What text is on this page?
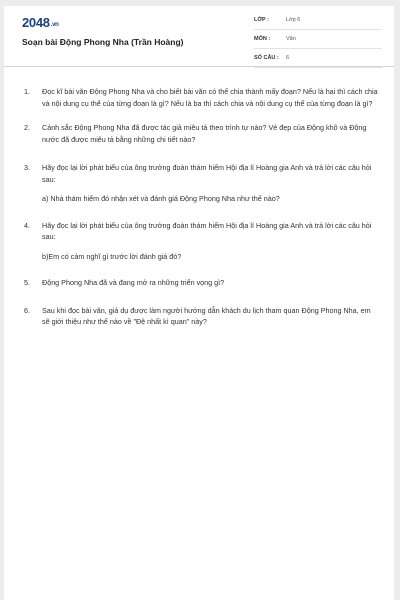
2048.vn
Soạn bài Động Phong Nha (Trần Hoàng)
LỚP :	Lớp 6
MÔN :	Văn
SỐ CÂU : 6
1. Đọc kĩ bài văn Động Phong Nha và cho biết bài văn có thể chia thành mấy đoạn? Nếu là hai thì cách chia và nội dung cụ thể của từng đoạn là gì? Nếu là ba thì cách chia và nội dung cụ thể của từng đoạn là gì?
2. Cảnh sắc Động Phong Nha đã được tác giả miêu tả theo trình tự nào? Vẻ đẹp của Động khô và Động nước đã được miêu tả bằng những chi tiết nào?
3. Hãy đọc lại lời phát biểu của ông trưởng đoàn thám hiểm Hội địa lí Hoàng gia Anh và trả lời các câu hỏi sau:
a) Nhà thám hiểm đó nhận xét và đánh giá Động Phong Nha như thế nào?
4. Hãy đọc lại lời phát biểu của ông trưởng đoàn thám hiểm Hội địa lí Hoàng gia Anh và trả lời các câu hỏi sau:
b)Em có cảm nghĩ gì trước lời đánh giá đó?
5. Động Phong Nha đã và đang mở ra những triển vọng gì?
6. Sau khi đọc bài văn, giả dụ được làm người hướng dẫn khách du lịch tham quan Động Phong Nha, em sẽ giới thiệu như thế nào về "Đệ nhất kì quan" này?
